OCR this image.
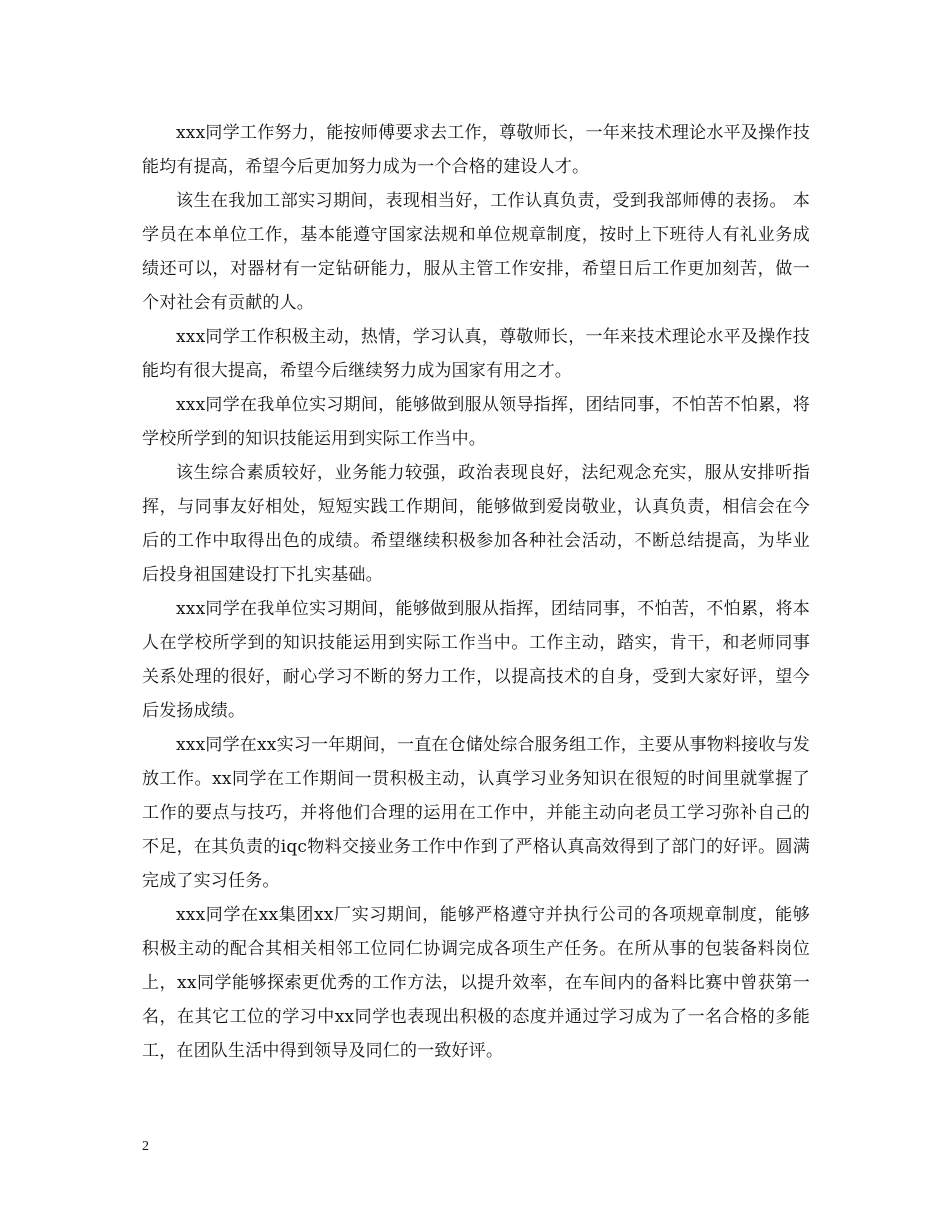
xxx同学工作努力，能按师傅要求去工作，尊敬师长，一年来技术理论水平及操作技能均有提高，希望今后更加努力成为一个合格的建设人才。

该生在我加工部实习期间，表现相当好，工作认真负责，受到我部师傅的表扬。 本学员在本单位工作，基本能遵守国家法规和单位规章制度，按时上下班待人有礼业务成绩还可以，对器材有一定钻研能力，服从主管工作安排，希望日后工作更加刻苦，做一个对社会有贡献的人。

xxx同学工作积极主动，热情，学习认真，尊敬师长，一年来技术理论水平及操作技能均有很大提高，希望今后继续努力成为国家有用之才。

xxx同学在我单位实习期间，能够做到服从领导指挥，团结同事，不怕苦不怕累，将学校所学到的知识技能运用到实际工作当中。

该生综合素质较好，业务能力较强，政治表现良好，法纪观念充实，服从安排听指挥，与同事友好相处，短短实践工作期间，能够做到爱岗敬业，认真负责，相信会在今后的工作中取得出色的成绩。希望继续积极参加各种社会活动，不断总结提高，为毕业后投身祖国建设打下扎实基础。

xxx同学在我单位实习期间，能够做到服从指挥，团结同事，不怕苦，不怕累，将本人在学校所学到的知识技能运用到实际工作当中。工作主动，踏实，肯干，和老师同事关系处理的很好，耐心学习不断的努力工作，以提高技术的自身，受到大家好评，望今后发扬成绩。

xxx同学在xx实习一年期间，一直在仓储处综合服务组工作，主要从事物料接收与发放工作。xx同学在工作期间一贯积极主动，认真学习业务知识在很短的时间里就掌握了工作的要点与技巧，并将他们合理的运用在工作中，并能主动向老员工学习弥补自己的不足，在其负责的iqc物料交接业务工作中作到了严格认真高效得到了部门的好评。圆满完成了实习任务。

xxx同学在xx集团xx厂实习期间，能够严格遵守并执行公司的各项规章制度，能够积极主动的配合其相关相邻工位同仁协调完成各项生产任务。在所从事的包装备料岗位上，xx同学能够探索更优秀的工作方法，以提升效率，在车间内的备料比赛中曾获第一名，在其它工位的学习中xx同学也表现出积极的态度并通过学习成为了一名合格的多能工，在团队生活中得到领导及同仁的一致好评。

2
